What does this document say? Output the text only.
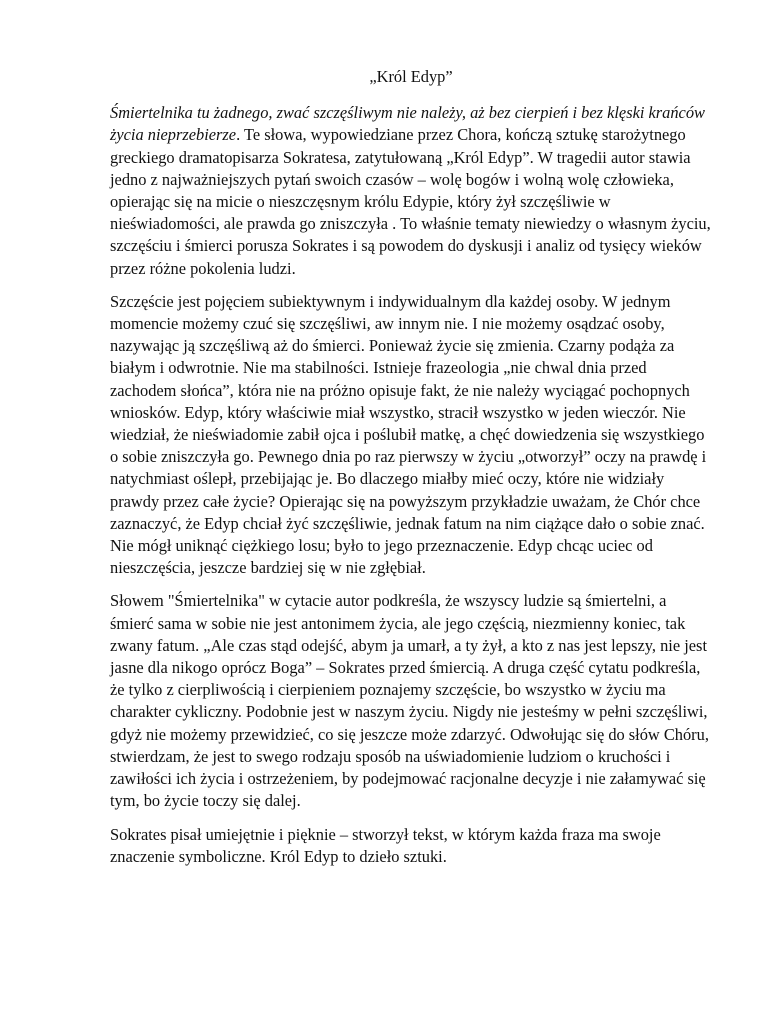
„Król Edyp”

Śmiertelnika tu żadnego, zwać szczęśliwym nie należy, aż bez cierpień i bez klęski krańców życia nieprzebierze. Te słowa, wypowiedziane przez Chora, kończą sztukę starożytnego greckiego dramatopisarza Sokratesa, zatytułowaną „Król Edyp”. W tragedii autor stawia jedno z najważniejszych pytań swoich czasów – wolę bogów i wolną wolę człowieka, opierając się na micie o nieszczęsnym królu Edypie, który żył szczęśliwie w nieświadomości, ale prawda go zniszczyła . To właśnie tematy niewiedzy o własnym życiu, szczęściu i śmierci porusza Sokrates i są powodem do dyskusji i analiz od tysięcy wieków przez różne pokolenia ludzi.

Szczęście jest pojęciem subiektywnym i indywidualnym dla każdej osoby. W jednym momencie możemy czuć się szczęśliwi, aw innym nie. I nie możemy osądzać osoby, nazywając ją szczęśliwą aż do śmierci. Ponieważ życie się zmienia. Czarny podąża za białym i odwrotnie. Nie ma stabilności. Istnieje frazeologia „nie chwal dnia przed zachodem słońca”, która nie na próżno opisuje fakt, że nie należy wyciągać pochopnych wniosków. Edyp, który właściwie miał wszystko, stracił wszystko w jeden wieczór. Nie wiedział, że nieświadomie zabił ojca i poślubił matkę, a chęć dowiedzenia się wszystkiego o sobie zniszczyła go. Pewnego dnia po raz pierwszy w życiu „otworzył” oczy na prawdę i natychmiast oślepł, przebijając je. Bo dlaczego miałby mieć oczy, które nie widziały prawdy przez całe życie? Opierając się na powyższym przykładzie uważam, że Chór chce zaznaczyć, że Edyp chciał żyć szczęśliwie, jednak fatum na nim ciążące dało o sobie znać. Nie mógł uniknąć ciężkiego losu; było to jego przeznaczenie. Edyp chcąc uciec od nieszczęścia, jeszcze bardziej się w nie zgłębiał.

Słowem "Śmiertelnika" w cytacie autor podkreśla, że wszyscy ludzie są śmiertelni, a śmierć sama w sobie nie jest antonimem życia, ale jego częścią, niezmienny koniec, tak zwany fatum. „Ale czas stąd odejść, abym ja umarł, a ty żył, a kto z nas jest lepszy, nie jest jasne dla nikogo oprócz Boga” – Sokrates przed śmiercią. A druga część cytatu podkreśla, że tylko z cierpliwością i cierpieniem poznajemy szczęście, bo wszystko w życiu ma charakter cykliczny. Podobnie jest w naszym życiu. Nigdy nie jesteśmy w pełni szczęśliwi, gdyż nie możemy przewidzieć, co się jeszcze może zdarzyć. Odwołując się do słów Chóru, stwierdzam, że jest to swego rodzaju sposób na uświadomienie ludziom o kruchości i zawiłości ich życia i ostrzeżeniem, by podejmować racjonalne decyzje i nie załamywać się tym, bo życie toczy się dalej.

Sokrates pisał umiejętnie i pięknie – stworzył tekst, w którym każda fraza ma swoje znaczenie symboliczne. Król Edyp to dzieło sztuki.
